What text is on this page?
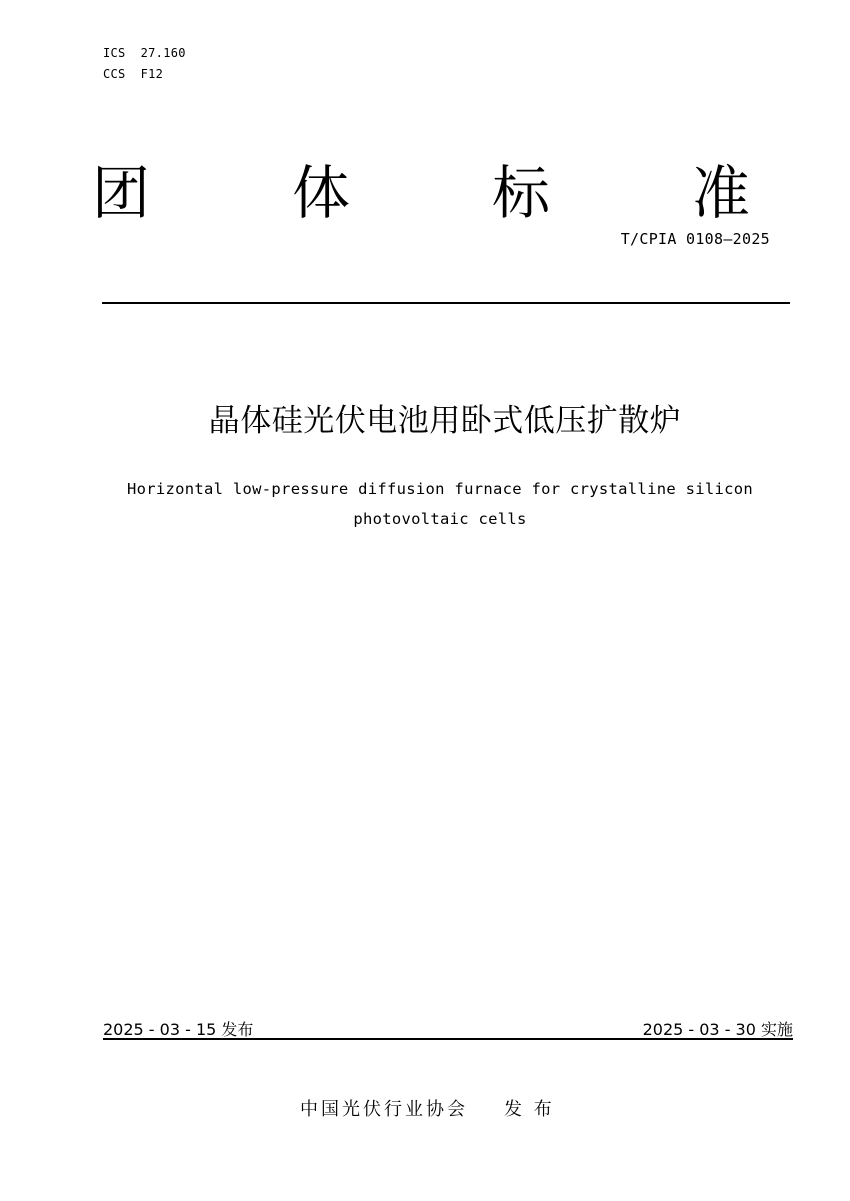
ICS  27.160
CCS  F12
团 体 标 准
T/CPIA 0108—2025
晶体硅光伏电池用卧式低压扩散炉
Horizontal low-pressure diffusion furnace for crystalline silicon
photovoltaic cells
2025 - 03 - 15 发布	2025 - 03 - 30 实施
中国光伏行业协会 发 布
